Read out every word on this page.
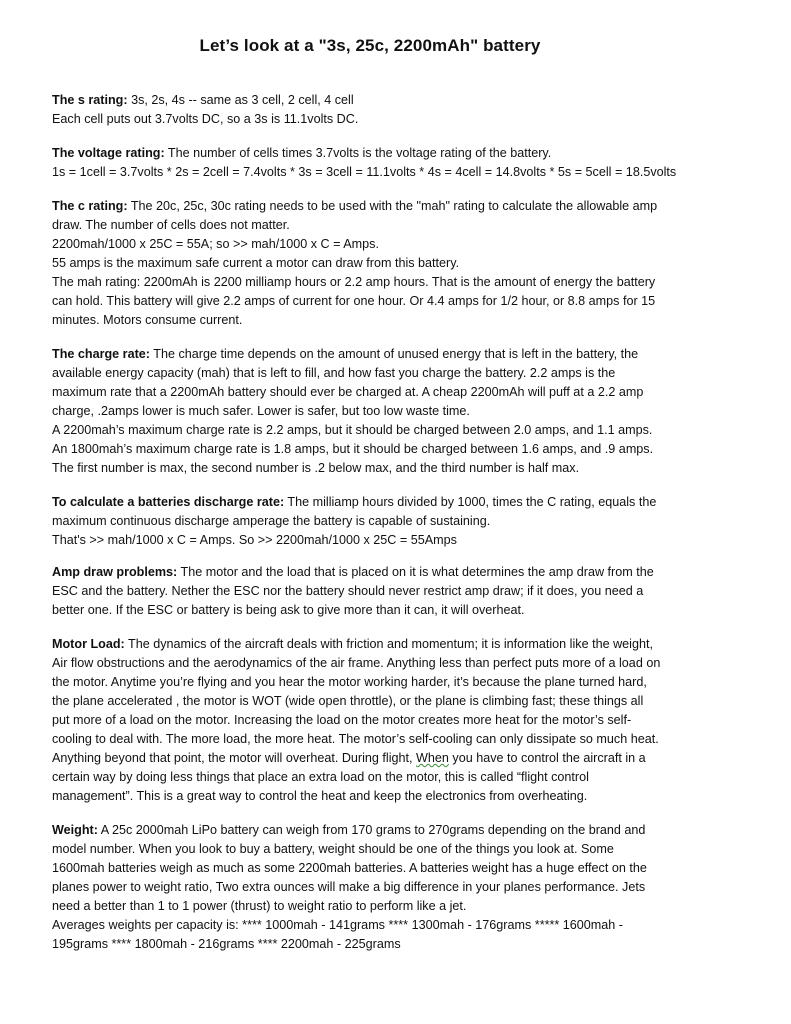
Let’s look at a "3s, 25c, 2200mAh" battery
The s rating: 3s, 2s, 4s -- same as 3 cell, 2 cell, 4 cell
Each cell puts out 3.7volts DC, so a 3s is 11.1volts DC.
The voltage rating: The number of cells times 3.7volts is the voltage rating of the battery.
1s = 1cell = 3.7volts * 2s = 2cell = 7.4volts * 3s = 3cell = 11.1volts * 4s = 4cell = 14.8volts * 5s = 5cell = 18.5volts
The c rating: The 20c, 25c, 30c rating needs to be used with the "mah" rating to calculate the allowable amp
draw. The number of cells does not matter.
2200mah/1000 x 25C = 55A; so >> mah/1000 x C = Amps.
55 amps is the maximum safe current a motor can draw from this battery.
The mah rating: 2200mAh is 2200 milliamp hours or 2.2 amp hours. That is the amount of energy the battery
can hold. This battery will give 2.2 amps of current for one hour. Or 4.4 amps for 1/2 hour, or 8.8 amps for 15
minutes. Motors consume current.
The charge rate: The charge time depends on the amount of unused energy that is left in the battery, the
available energy capacity (mah) that is left to fill, and how fast you charge the battery. 2.2 amps is the
maximum rate that a 2200mAh battery should ever be charged at. A cheap 2200mAh will puff at a 2.2 amp
charge, .2amps lower is much safer. Lower is safer, but too low waste time.
A 2200mah’s maximum charge rate is 2.2 amps, but it should be charged between 2.0 amps, and 1.1 amps.
An 1800mah’s maximum charge rate is 1.8 amps, but it should be charged between 1.6 amps, and .9 amps.
The first number is max, the second number is .2 below max, and the third number is half max.
To calculate a batteries discharge rate: The milliamp hours divided by 1000, times the C rating, equals the
maximum continuous discharge amperage the battery is capable of sustaining.
That's >> mah/1000 x C = Amps. So >> 2200mah/1000 x 25C = 55Amps
Amp draw problems: The motor and the load that is placed on it is what determines the amp draw from the
ESC and the battery. Nether the ESC nor the battery should never restrict amp draw; if it does, you need a
better one. If the ESC or battery is being ask to give more than it can, it will overheat.
Motor Load: The dynamics of the aircraft deals with friction and momentum; it is information like the weight,
Air flow obstructions and the aerodynamics of the air frame. Anything less than perfect puts more of a load on
the motor. Anytime you’re flying and you hear the motor working harder, it’s because the plane turned hard,
the plane accelerated , the motor is WOT (wide open throttle), or the plane is climbing fast; these things all
put more of a load on the motor. Increasing the load on the motor creates more heat for the motor’s self-
cooling to deal with. The more load, the more heat. The motor’s self-cooling can only dissipate so much heat.
Anything beyond that point, the motor will overheat. During flight, When you have to control the aircraft in a
certain way by doing less things that place an extra load on the motor, this is called “flight control
management”. This is a great way to control the heat and keep the electronics from overheating.
Weight: A 25c 2000mah LiPo battery can weigh from 170 grams to 270grams depending on the brand and
model number. When you look to buy a battery, weight should be one of the things you look at. Some
1600mah batteries weigh as much as some 2200mah batteries. A batteries weight has a huge effect on the
planes power to weight ratio, Two extra ounces will make a big difference in your planes performance. Jets
need a better than 1 to 1 power (thrust) to weight ratio to perform like a jet.
Averages weights per capacity is: **** 1000mah - 141grams **** 1300mah - 176grams ***** 1600mah -
195grams **** 1800mah - 216grams **** 2200mah - 225grams
